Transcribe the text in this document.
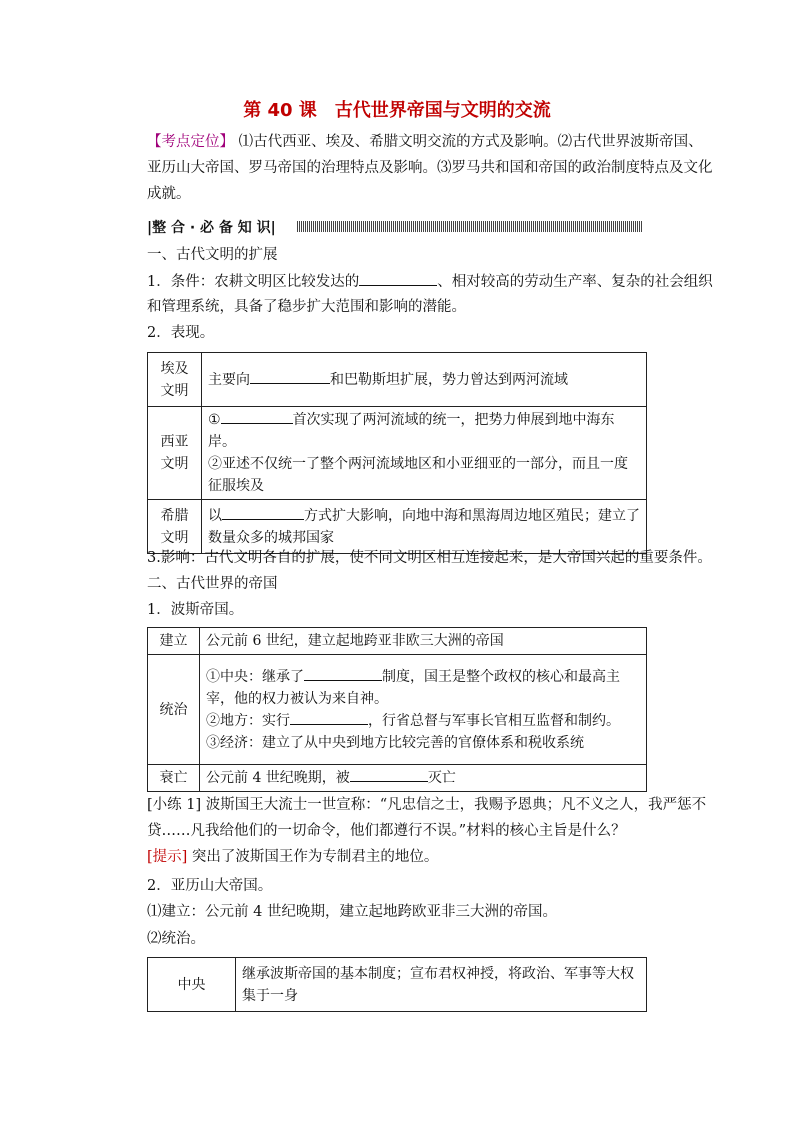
第 40 课　古代世界帝国与文明的交流
【考点定位】 ⑴古代西亚、埃及、希腊文明交流的方式及影响。⑵古代世界波斯帝国、
亚历山大帝国、罗马帝国的治理特点及影响。⑶罗马共和国和帝国的政治制度特点及文化
成就。
|整 合 · 必 备 知 识|
一、古代文明的扩展
1．条件：农耕文明区比较发达的	、相对较高的劳动生产率、复杂的社会组织
和管理系统，具备了稳步扩大范围和影响的潜能。
2．表现。
埃及文明	主要向 和巴勒斯坦扩展，势力曾达到两河流域
西亚文明	① 首次实现了两河流域的统一，把势力伸展到地中海东岸。
②亚述不仅统一了整个两河流域地区和小亚细亚的一部分，而且一度征服埃及
希腊文明	以 方式扩大影响，向地中海和黑海周边地区殖民；建立了数量众多的城邦国家
3.影响：古代文明各自的扩展，使不同文明区相互连接起来，是大帝国兴起的重要条件。
二、古代世界的帝国
1．波斯帝国。
建立	公元前 6 世纪，建立起地跨亚非欧三大洲的帝国
统治	①中央：继承了 制度，国王是整个政权的核心和最高主宰，他的权力被认为来自神。
②地方：实行 ，行省总督与军事长官相互监督和制约。
③经济：建立了从中央到地方比较完善的官僚体系和税收系统
衰亡	公元前 4 世纪晚期，被 灭亡
[小练 1] 波斯国王大流士一世宣称：“凡忠信之士，我赐予恩典；凡不义之人，我严惩不
贷……凡我给他们的一切命令，他们都遵行不误。”材料的核心主旨是什么？
[提示] 突出了波斯国王作为专制君主的地位。
2．亚历山大帝国。
⑴建立：公元前 4 世纪晚期，建立起地跨欧亚非三大洲的帝国。
⑵统治。
中央	继承波斯帝国的基本制度；宣布君权神授，将政治、军事等大权集于一身
